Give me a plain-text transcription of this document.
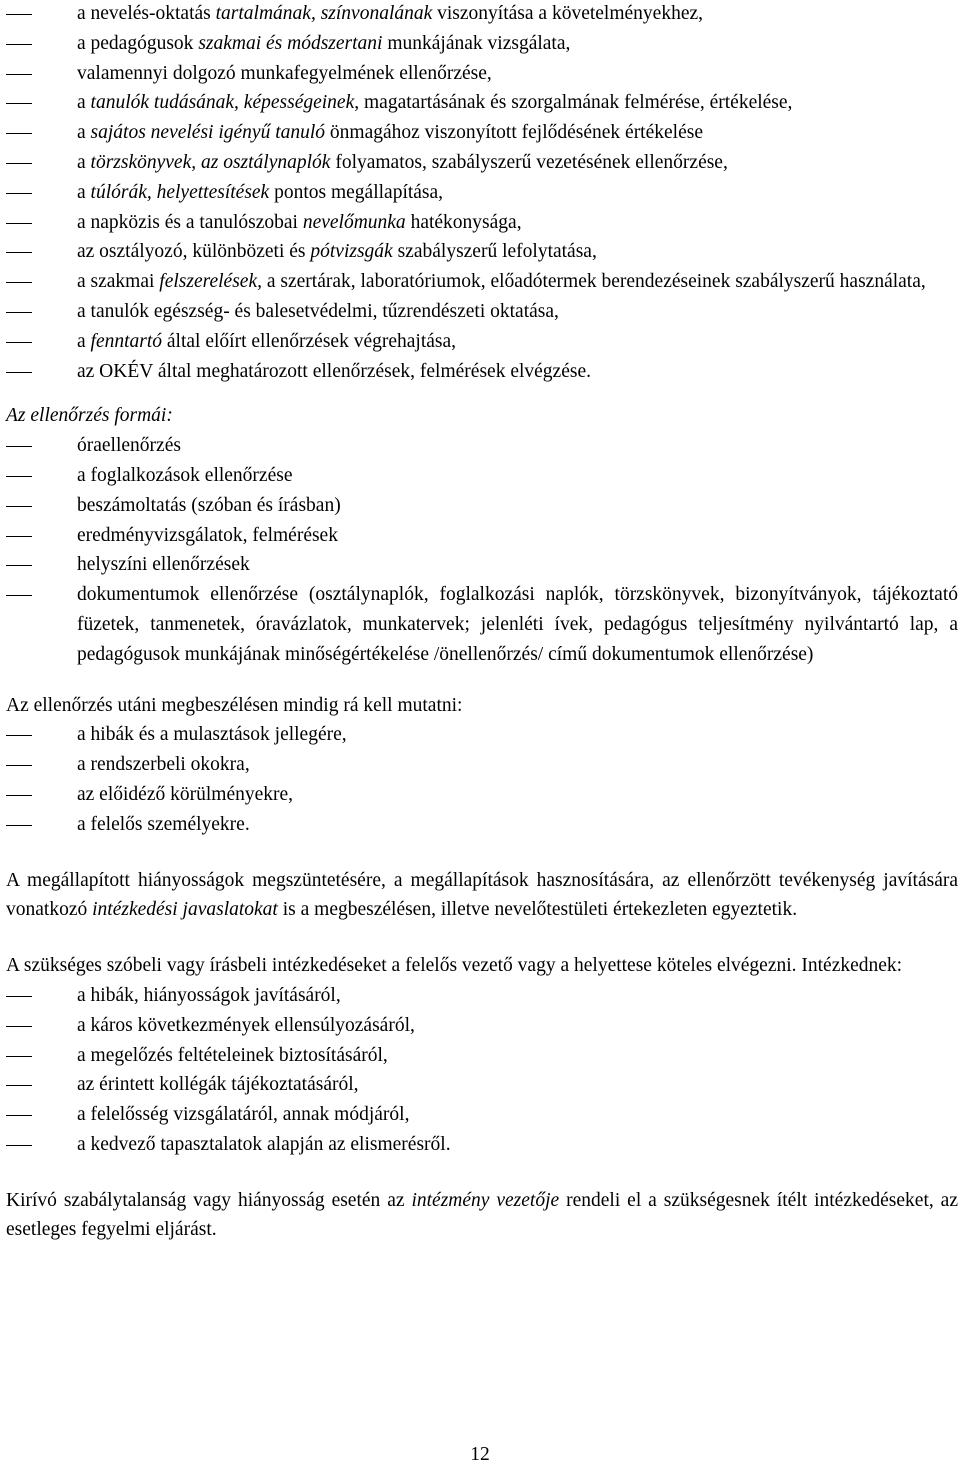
a nevelés-oktatás tartalmának, színvonalának viszonyítása a követelményekhez,
a pedagógusok szakmai és módszertani munkájának vizsgálata,
valamennyi dolgozó munkafegyelmének ellenőrzése,
a tanulók tudásának, képességeinek, magatartásának és szorgalmának felmérése, értékelése,
a sajátos nevelési igényű tanuló önmagához viszonyított fejlődésének értékelése
a törzskönyvek, az osztálynaplók folyamatos, szabályszerű vezetésének ellenőrzése,
a túlórák, helyettesítések pontos megállapítása,
a napközis és a tanulószobai nevelőmunka hatékonysága,
az osztályozó, különbözeti és pótvizsgák szabályszerű lefolytatása,
a szakmai felszerelések, a szertárak, laboratóriumok, előadótermek berendezéseinek szabályszerű használata,
a tanulók egészség- és balesetvédelmi, tűzrendészeti oktatása,
a fenntartó által előírt ellenőrzések végrehajtása,
az OKÉV által meghatározott ellenőrzések, felmérések elvégzése.
Az ellenőrzés formái:
óraellenőrzés
a foglalkozások ellenőrzése
beszámoltatás (szóban és írásban)
eredményvizsgálatok, felmérések
helyszíni ellenőrzések
dokumentumok ellenőrzése (osztálynaplók, foglalkozási naplók, törzskönyvek, bizonyítványok, tájékoztató füzetek, tanmenetek, óravázlatok, munkatervek; jelenléti ívek, pedagógus teljesítmény nyilvántartó lap, a pedagógusok munkájának minőségértékelése /önellenőrzés/ című dokumentumok ellenőrzése)
Az ellenőrzés utáni megbeszélésen mindig rá kell mutatni:
a hibák és a mulasztások jellegére,
a rendszerbeli okokra,
az előidéző körülményekre,
a felelős személyekre.
A megállapított hiányosságok megszüntetésére, a megállapítások hasznosítására, az ellenőrzött tevékenység javítására vonatkozó intézkedési javaslatokat is a megbeszélésen, illetve nevelőtestületi értekezleten egyeztetik.
A szükséges szóbeli vagy írásbeli intézkedéseket a felelős vezető vagy a helyettese köteles elvégezni. Intézkednek:
a hibák, hiányosságok javításáról,
a káros következmények ellensúlyozásáról,
a megelőzés feltételeinek biztosításáról,
az érintett kollégák tájékoztatásáról,
a felelősség vizsgálatáról, annak módjáról,
a kedvező tapasztalatok alapján az elismerésről.
Kirívó szabálytalanság vagy hiányosság esetén az intézmény vezetője rendeli el a szükségesnek ítélt intézkedéseket, az esetleges fegyelmi eljárást.
12
